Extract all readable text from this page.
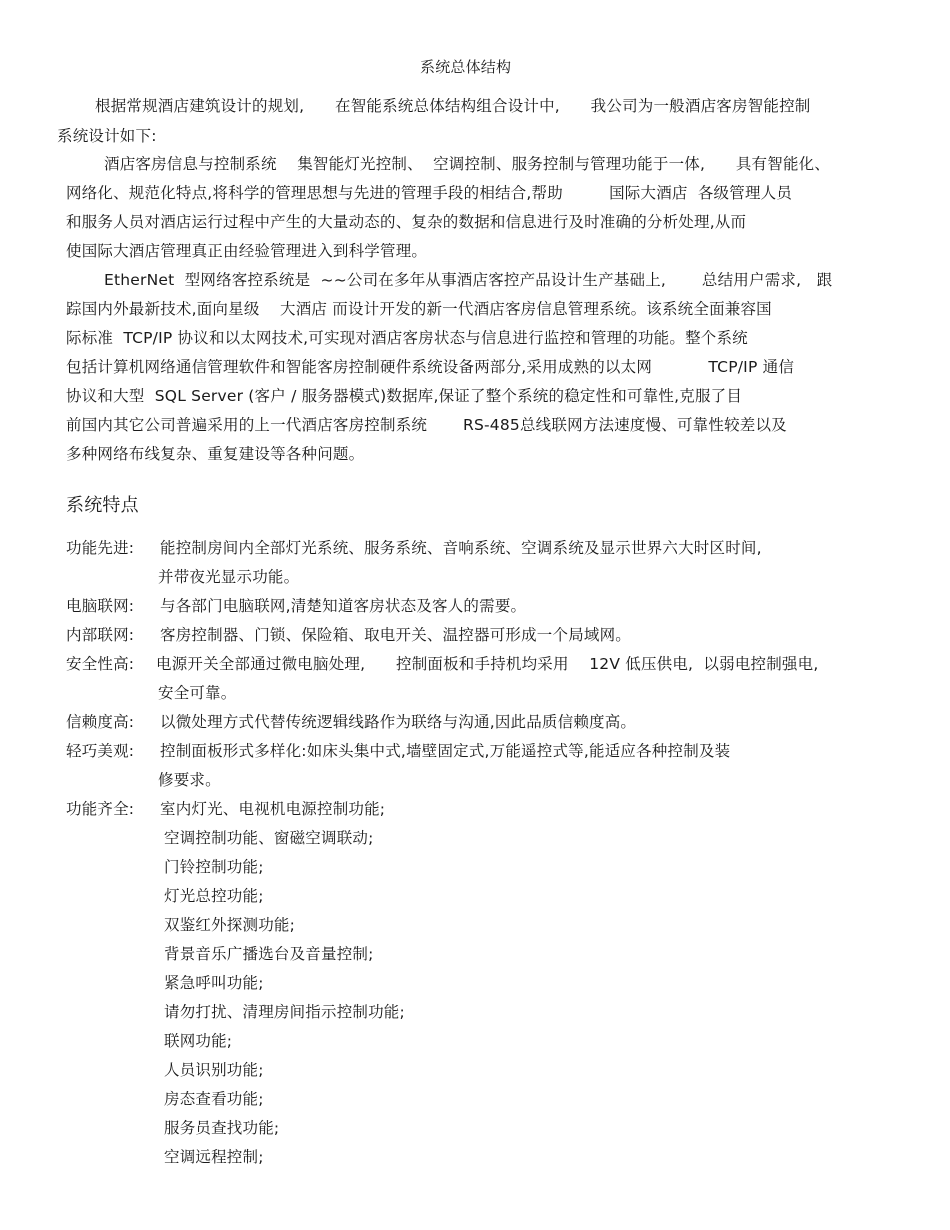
系统总体结构
根据常规酒店建筑设计的规划,      在智能系统总体结构组合设计中,      我公司为一般酒店客房智能控制
系统设计如下:
酒店客房信息与控制系统    集智能灯光控制、  空调控制、服务控制与管理功能于一体,      具有智能化、
网络化、规范化特点,将科学的管理思想与先进的管理手段的相结合,帮助         国际大酒店  各级管理人员
和服务人员对酒店运行过程中产生的大量动态的、复杂的数据和信息进行及时准确的分析处理,从而
使国际大酒店管理真正由经验管理进入到科学管理。
EtherNet  型网络客控系统是  ~~公司在多年从事酒店客控产品设计生产基础上,       总结用户需求,   跟
踪国内外最新技术,面向星级    大酒店 而设计开发的新一代酒店客房信息管理系统。该系统全面兼容国
际标准  TCP/IP 协议和以太网技术,可实现对酒店客房状态与信息进行监控和管理的功能。整个系统
包括计算机网络通信管理软件和智能客房控制硬件系统设备两部分,采用成熟的以太网           TCP/IP 通信
协议和大型  SQL Server (客户 / 服务器模式)数据库,保证了整个系统的稳定性和可靠性,克服了目
前国内其它公司普遍采用的上一代酒店客房控制系统       RS-485总线联网方法速度慢、可靠性较差以及
多种网络布线复杂、重复建设等各种问题。
系统特点
功能先进: 能控制房间内全部灯光系统、服务系统、音响系统、空调系统及显示世界六大时区时间,
并带夜光显示功能。
电脑联网: 与各部门电脑联网,清楚知道客房状态及客人的需要。
内部联网: 客房控制器、门锁、保险箱、取电开关、温控器可形成一个局域网。
安全性高: 电源开关全部通过微电脑处理,      控制面板和手持机均采用    12V 低压供电,  以弱电控制强电,
安全可靠。
信赖度高: 以微处理方式代替传统逻辑线路作为联络与沟通,因此品质信赖度高。
轻巧美观: 控制面板形式多样化:如床头集中式,墙壁固定式,万能遥控式等,能适应各种控制及装
修要求。
功能齐全: 室内灯光、电视机电源控制功能;
空调控制功能、窗磁空调联动;
门铃控制功能;
灯光总控功能;
双鉴红外探测功能;
背景音乐广播选台及音量控制;
紧急呼叫功能;
请勿打扰、清理房间指示控制功能;
联网功能;
人员识别功能;
房态查看功能;
服务员查找功能;
空调远程控制;
